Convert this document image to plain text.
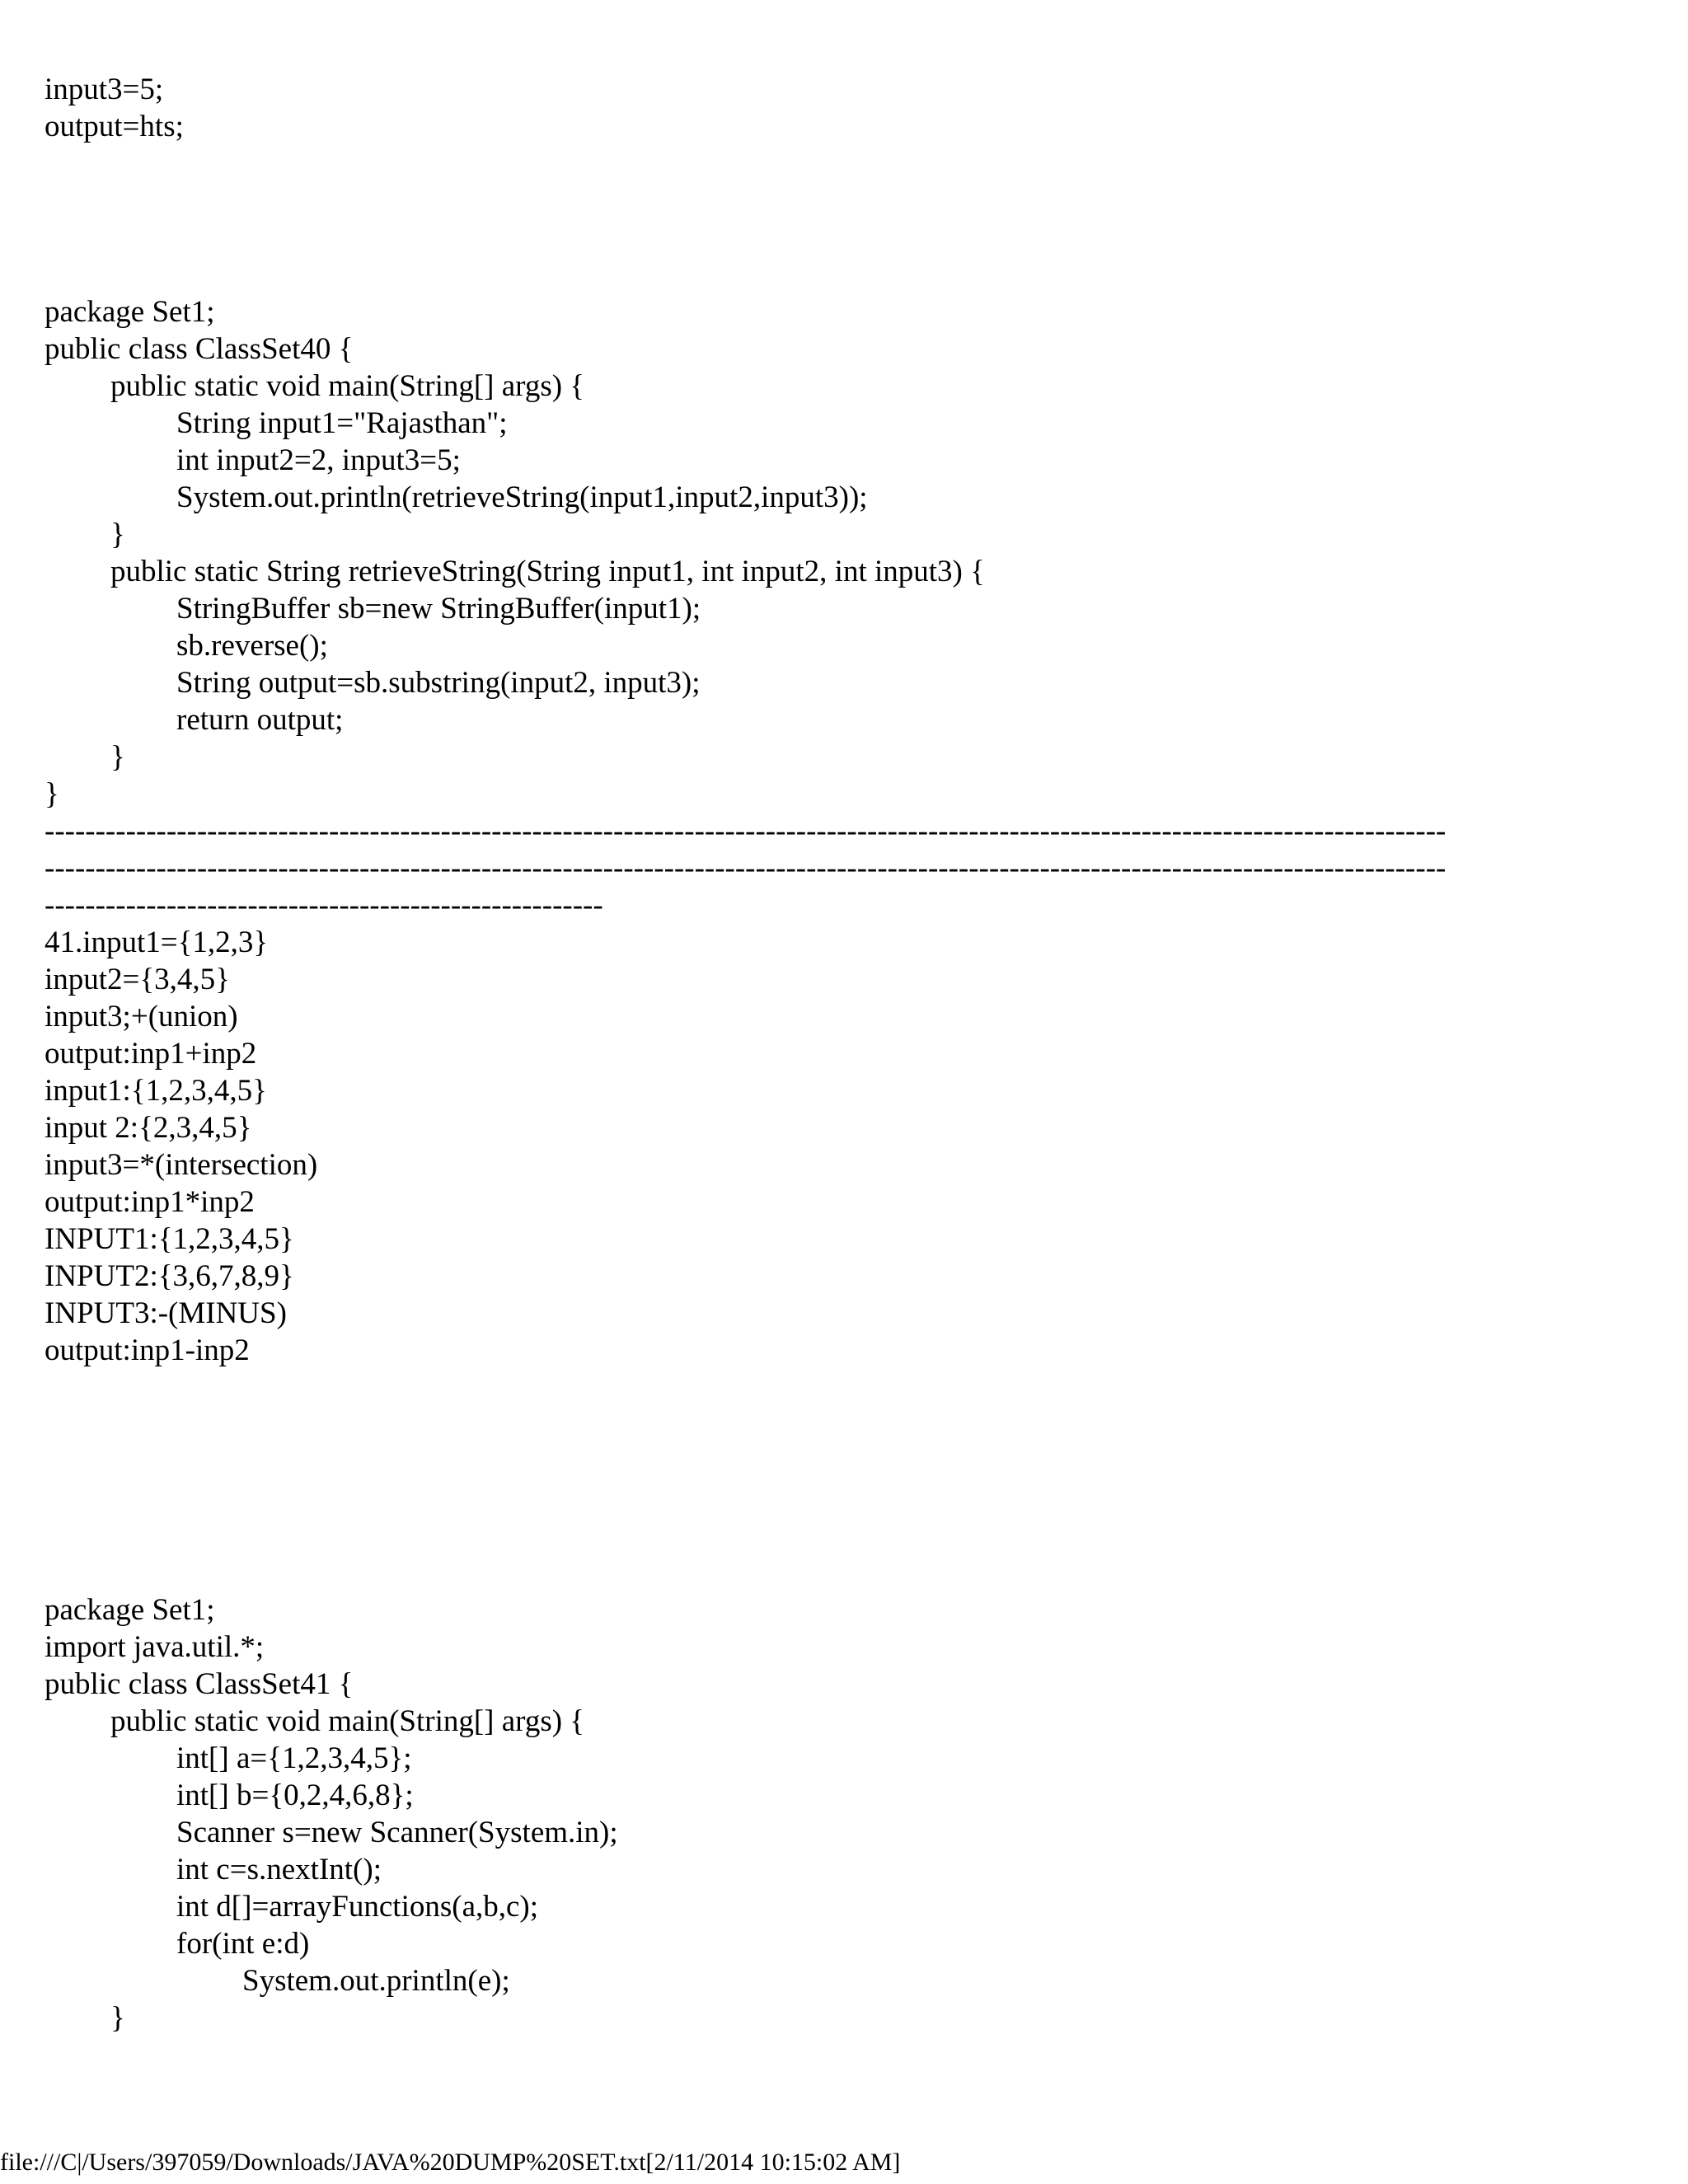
input3=5;
output=hts;
package Set1;
public class ClassSet40 {
public static void main(String[] args) {
String input1="Rajasthan";
int input2=2, input3=5;
System.out.println(retrieveString(input1,input2,input3));
}
public static String retrieveString(String input1, int input2, int input3) {
StringBuffer sb=new StringBuffer(input1);
sb.reverse();
String output=sb.substring(input2, input3);
return output;
}
}
------------------------------------------------------------------------------------------------------------------------------------------
------------------------------------------------------------------------------------------------------------------------------------------
-------------------------------------------------------
41.input1={1,2,3}
input2={3,4,5}
input3;+(union)
output:inp1+inp2
input1:{1,2,3,4,5}
input 2:{2,3,4,5}
input3=*(intersection)
output:inp1*inp2
INPUT1:{1,2,3,4,5}
INPUT2:{3,6,7,8,9}
INPUT3:-(MINUS)
output:inp1-inp2
package Set1;
import java.util.*;
public class ClassSet41 {
public static void main(String[] args) {
int[] a={1,2,3,4,5};
int[] b={0,2,4,6,8};
Scanner s=new Scanner(System.in);
int c=s.nextInt();
int d[]=arrayFunctions(a,b,c);
for(int e:d)
System.out.println(e);
}
file:///C|/Users/397059/Downloads/JAVA%20DUMP%20SET.txt[2/11/2014 10:15:02 AM]
